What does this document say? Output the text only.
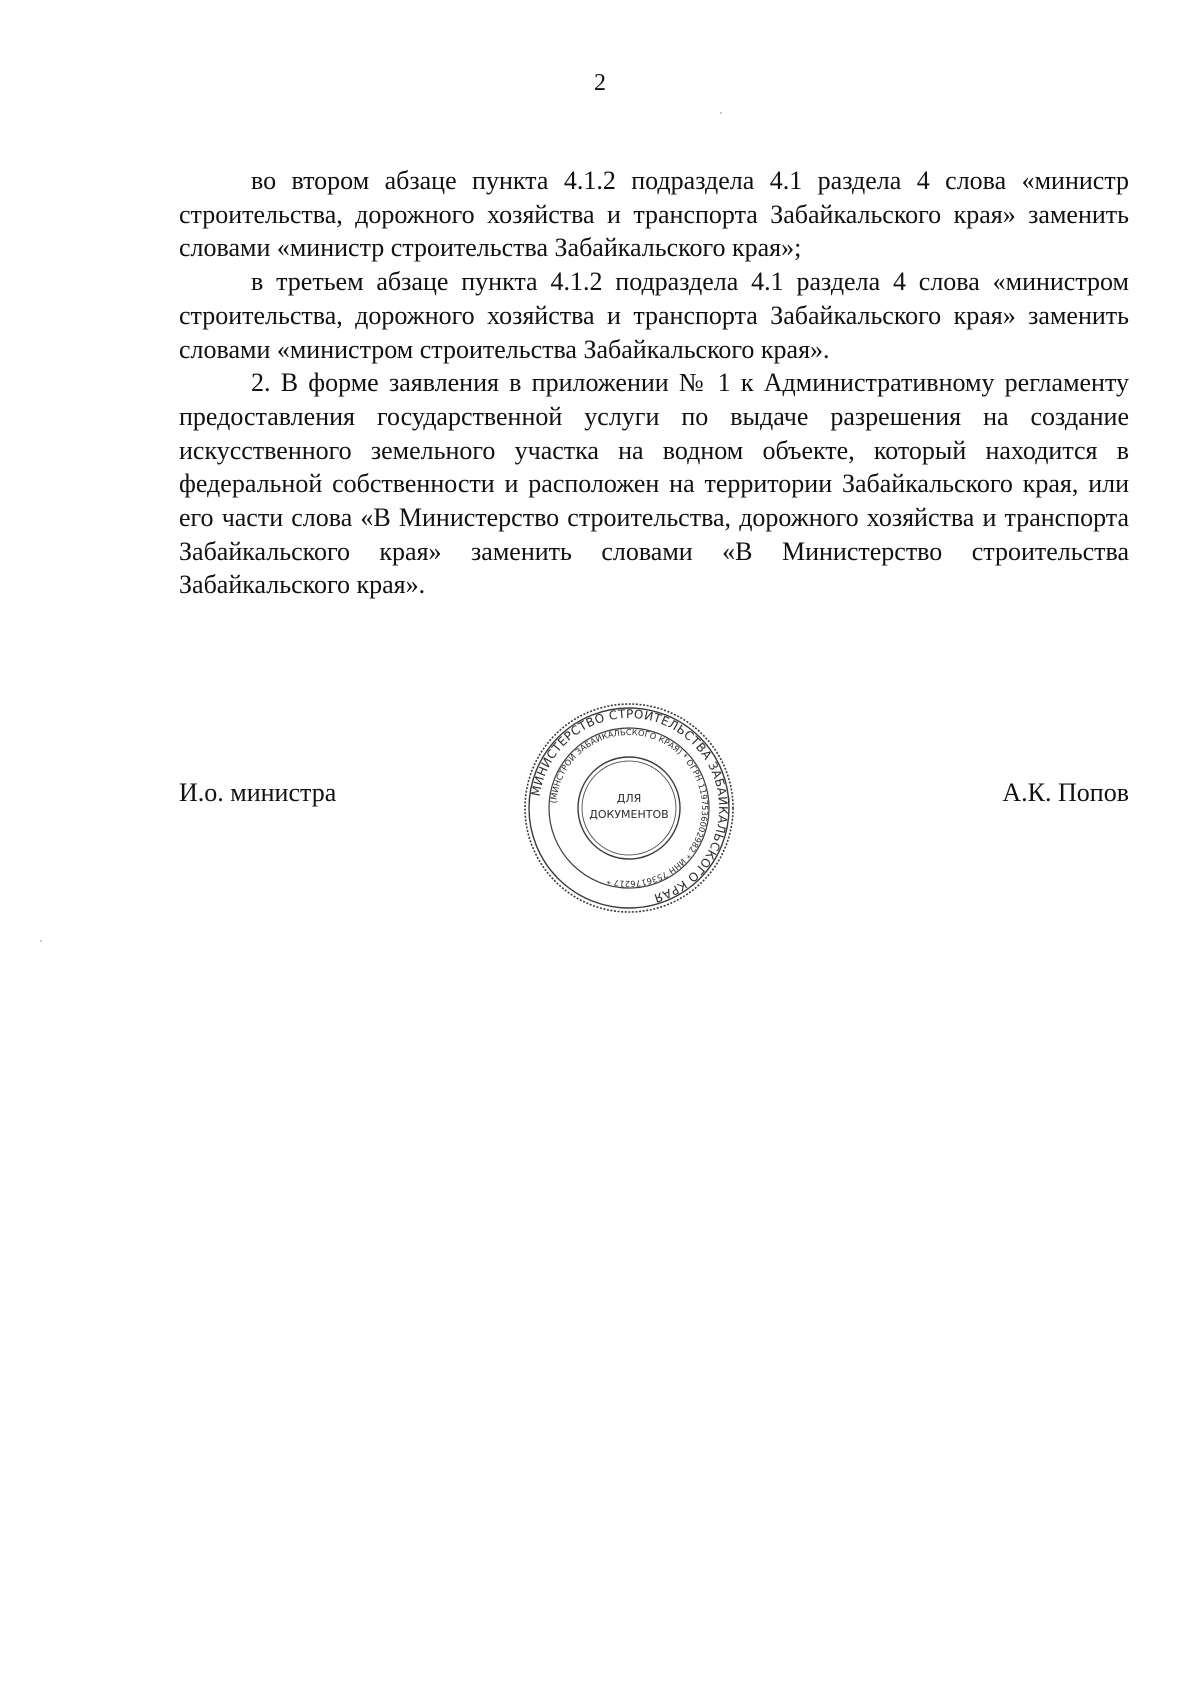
2

во втором абзаце пункта 4.1.2 подраздела 4.1 раздела 4 слова «министр строительства, дорожного хозяйства и транспорта Забайкальского края» заменить словами «министр строительства Забайкальского края»;

в третьем абзаце пункта 4.1.2 подраздела 4.1 раздела 4 слова «министром строительства, дорожного хозяйства и транспорта Забайкальского края» заменить словами «министром строительства Забайкальского края».

2. В форме заявления в приложении № 1 к Административному регламенту предоставления государственной услуги по выдаче разрешения на создание искусственного земельного участка на водном объекте, который находится в федеральной собственности и расположен на территории Забайкальского края, или его части слова «В Министерство строительства, дорожного хозяйства и транспорта Забайкальского края» заменить словами «В Министерство строительства Забайкальского края».

И.о. министра	А.К. Попов
МИНИСТЕРСТВО СТРОИТЕЛЬСТВА ЗАБАЙКАЛЬСКОГО КРАЯ
(МИНСТРОЙ ЗАБАЙКАЛЬСКОГО КРАЯ) * ОГРН 1197536002982 * ИНН 7536176217 *
ДЛЯ
ДОКУМЕНТОВ
